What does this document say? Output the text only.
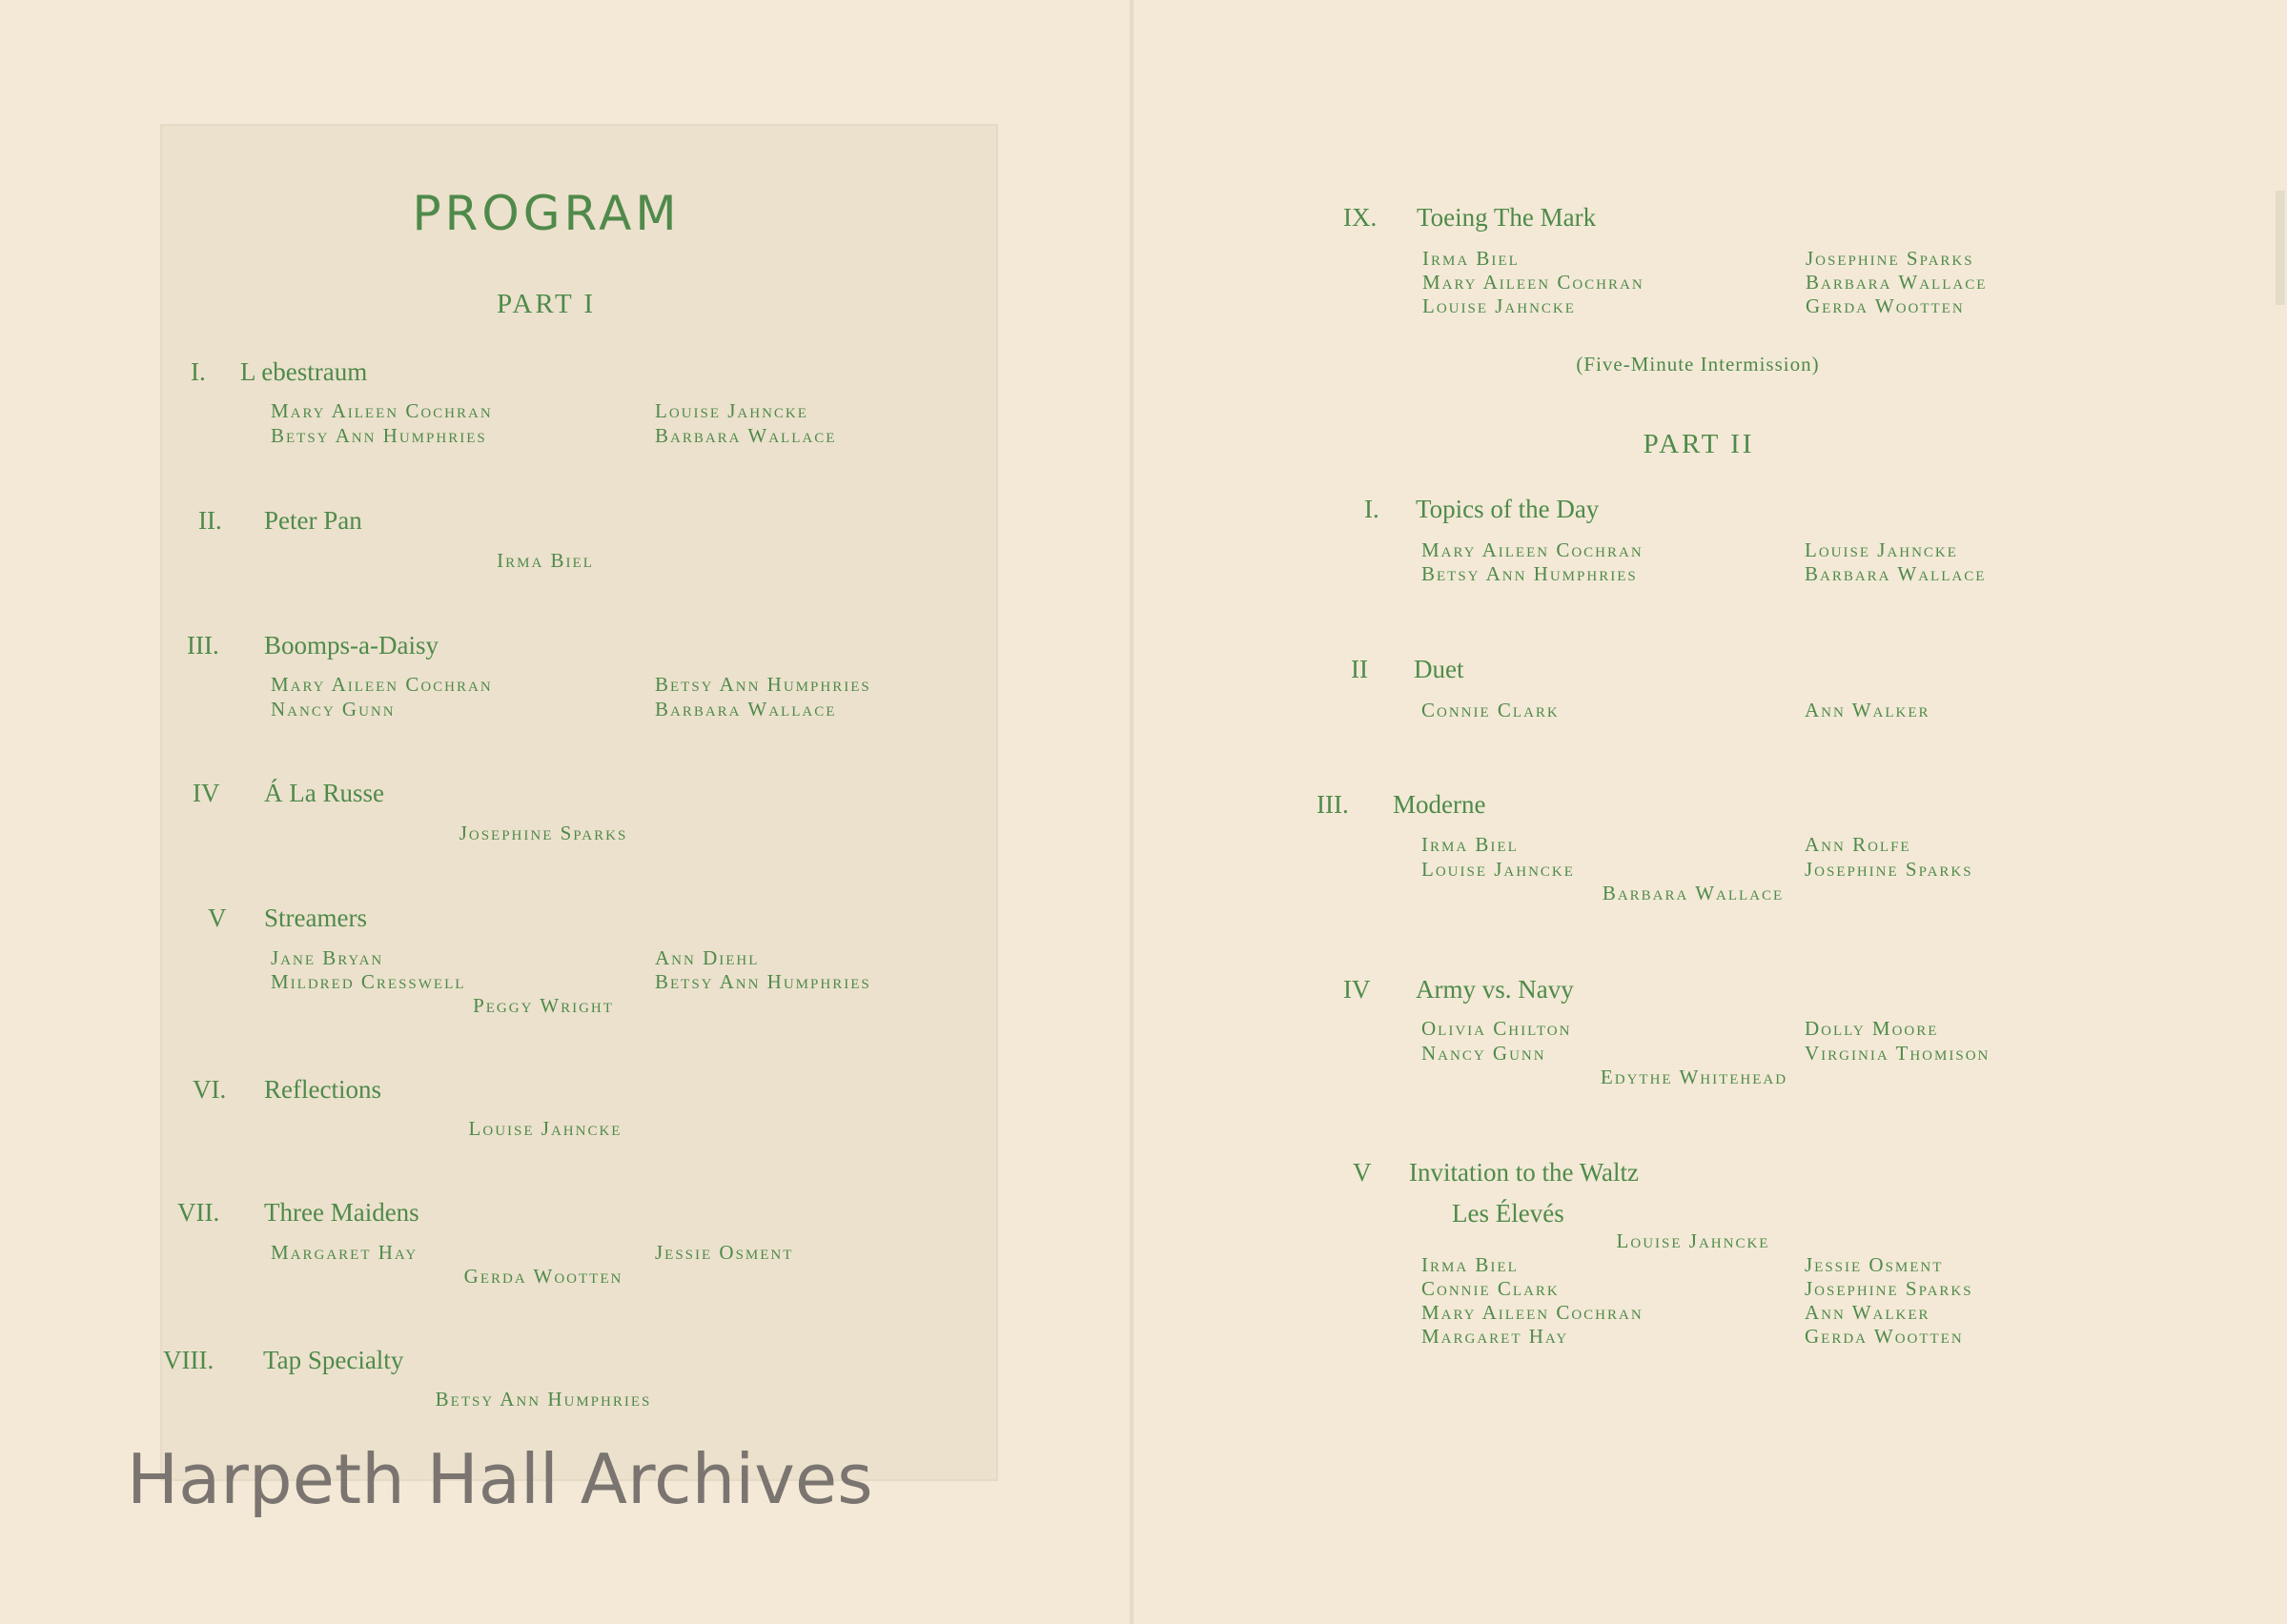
PROGRAM
PART I
I. L ebestraum
Mary Aileen Cochran	Louise Jahncke
Betsy Ann Humphries	Barbara Wallace
II. Peter Pan
Irma Biel
III. Boomps-a-Daisy
Mary Aileen Cochran	Betsy Ann Humphries
Nancy Gunn	Barbara Wallace
IV Á La Russe
Josephine Sparks
V Streamers
Jane Bryan	Ann Diehl
Mildred Cresswell	Betsy Ann Humphries
Peggy Wright
VI. Reflections
Louise Jahncke
VII. Three Maidens
Margaret Hay	Jessie Osment
Gerda Wootten
VIII. Tap Specialty
Betsy Ann Humphries
IX. Toeing The Mark
Irma Biel	Josephine Sparks
Mary Aileen Cochran	Barbara Wallace
Louise Jahncke	Gerda Wootten
(Five-Minute Intermission)
PART II
I. Topics of the Day
Mary Aileen Cochran	Louise Jahncke
Betsy Ann Humphries	Barbara Wallace
II Duet
Connie Clark	Ann Walker
III. Moderne
Irma Biel	Ann Rolfe
Louise Jahncke	Josephine Sparks
Barbara Wallace
IV Army vs. Navy
Olivia Chilton	Dolly Moore
Nancy Gunn	Virginia Thomison
Edythe Whitehead
V Invitation to the Waltz
Les Élevés
Louise Jahncke
Irma Biel	Jessie Osment
Connie Clark	Josephine Sparks
Mary Aileen Cochran	Ann Walker
Margaret Hay	Gerda Wootten
Harpeth Hall Archives
